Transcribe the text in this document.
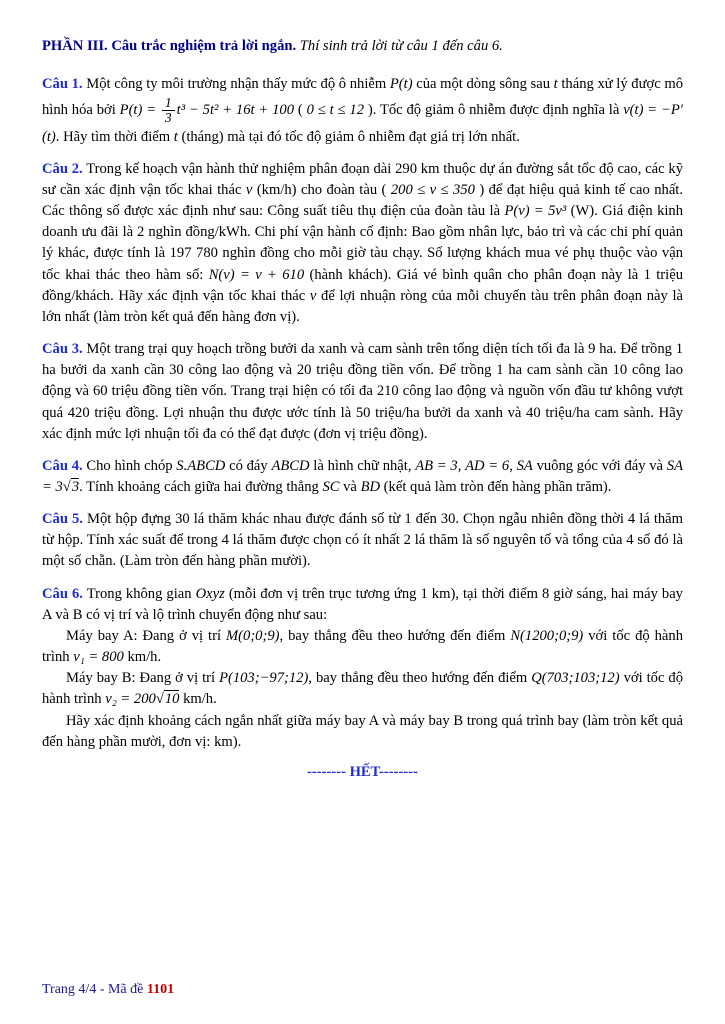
PHẦN III. Câu trắc nghiệm trả lời ngắn. Thí sinh trả lời từ câu 1 đến câu 6.

Câu 1. Một công ty môi trường nhận thấy mức độ ô nhiễm P(t) của một dòng sông sau t tháng xử lý được mô hình hóa bởi $P(t) = \frac{1}{3} t^3 - 5t^2 + 16t + 100$ ( 0 ≤ t ≤ 12 ). Tốc độ giảm ô nhiễm được định nghĩa là v(t) = −P′(t). Hãy tìm thời điểm t (tháng) mà tại đó tốc độ giảm ô nhiễm đạt giá trị lớn nhất.

Câu 2. Trong kế hoạch vận hành thử nghiệm phân đoạn dài 290 km thuộc dự án đường sắt tốc độ cao, các kỹ sư cần xác định vận tốc khai thác v (km/h) cho đoàn tàu ( 200 ≤ v ≤ 350 ) để đạt hiệu quả kinh tế cao nhất. Các thông số được xác định như sau: Công suất tiêu thụ điện của đoàn tàu là P(v) = 5v³ (W). Giá điện kinh doanh ưu đãi là 2 nghìn đồng/kWh. Chi phí vận hành cố định: Bao gồm nhân lực, bảo trì và các chi phí quản lý khác, được tính là 197 780 nghìn đồng cho mỗi giờ tàu chạy. Số lượng khách mua vé phụ thuộc vào vận tốc khai thác theo hàm số: N(v) = v + 610 (hành khách). Giá vé bình quân cho phân đoạn này là 1 triệu đồng/khách. Hãy xác định vận tốc khai thác v để lợi nhuận ròng của mỗi chuyến tàu trên phân đoạn này là lớn nhất (làm tròn kết quả đến hàng đơn vị).

Câu 3. Một trang trại quy hoạch trồng bưởi da xanh và cam sành trên tổng diện tích tối đa là 9 ha. Để trồng 1 ha bưởi da xanh cần 30 công lao động và 20 triệu đồng tiền vốn. Để trồng 1 ha cam sành cần 10 công lao động và 60 triệu đồng tiền vốn. Trang trại hiện có tối đa 210 công lao động và nguồn vốn đầu tư không vượt quá 420 triệu đồng. Lợi nhuận thu được ước tính là 50 triệu/ha bưởi da xanh và 40 triệu/ha cam sành. Hãy xác định mức lợi nhuận tối đa có thể đạt được (đơn vị triệu đồng).

Câu 4. Cho hình chóp S.ABCD có đáy ABCD là hình chữ nhật, AB = 3, AD = 6, SA vuông góc với đáy và SA = 3√3. Tính khoảng cách giữa hai đường thẳng SC và BD (kết quả làm tròn đến hàng phần trăm).

Câu 5. Một hộp đựng 30 lá thăm khác nhau được đánh số từ 1 đến 30. Chọn ngẫu nhiên đồng thời 4 lá thăm từ hộp. Tính xác suất để trong 4 lá thăm được chọn có ít nhất 2 lá thăm là số nguyên tố và tổng của 4 số đó là một số chẵn. (Làm tròn đến hàng phần mười).

Câu 6. Trong không gian Oxyz (mỗi đơn vị trên trục tương ứng 1 km), tại thời điểm 8 giờ sáng, hai máy bay A và B có vị trí và lộ trình chuyển động như sau:

Máy bay A: Đang ở vị trí M(0;0;9), bay thẳng đều theo hướng đến điểm N(1200;0;9) với tốc độ hành trình v₁ = 800 km/h.

Máy bay B: Đang ở vị trí P(103;−97;12), bay thẳng đều theo hướng đến điểm Q(703;103;12) với tốc độ hành trình v₂ = 200√10 km/h.

Hãy xác định khoảng cách ngắn nhất giữa máy bay A và máy bay B trong quá trình bay (làm tròn kết quả đến hàng phần mười, đơn vị: km).

-------- HẾT--------
Trang 4/4 - Mã đề 1101
